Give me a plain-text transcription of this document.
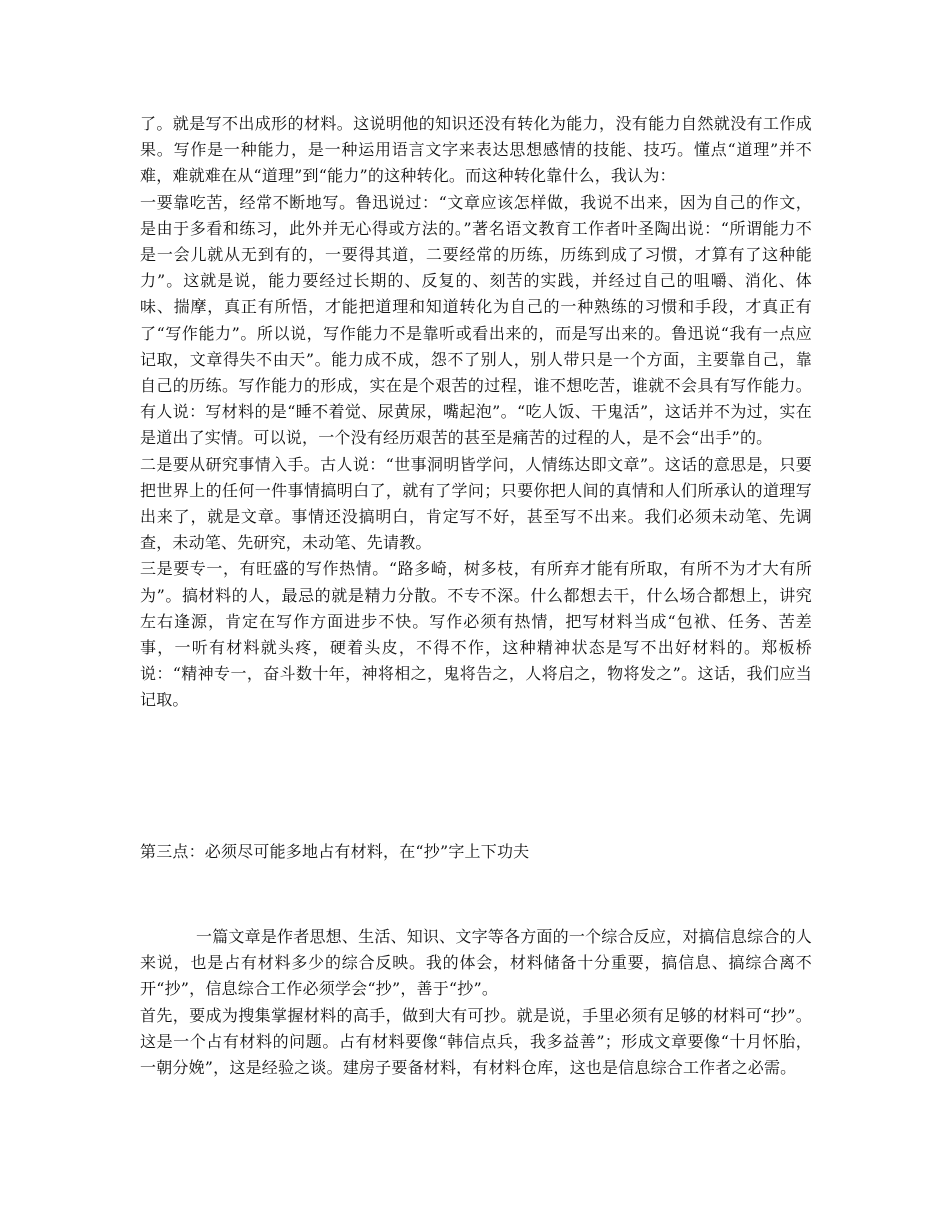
了。就是写不出成形的材料。这说明他的知识还没有转化为能力，没有能力自然就没有工作成果。写作是一种能力，是一种运用语言文字来表达思想感情的技能、技巧。懂点“道理”并不难，难就难在从“道理”到“能力”的这种转化。而这种转化靠什么，我认为：

一要靠吃苦，经常不断地写。鲁迅说过：“文章应该怎样做，我说不出来，因为自己的作文，是由于多看和练习，此外并无心得或方法的。”著名语文教育工作者叶圣陶出说：“所谓能力不是一会儿就从无到有的，一要得其道，二要经常的历练，历练到成了习惯，才算有了这种能力”。这就是说，能力要经过长期的、反复的、刻苦的实践，并经过自己的咀嚼、消化、体味、揣摩，真正有所悟，才能把道理和知道转化为自己的一种熟练的习惯和手段，才真正有了“写作能力”。所以说，写作能力不是靠听或看出来的，而是写出来的。鲁迅说“我有一点应记取，文章得失不由天”。能力成不成，怨不了别人，别人带只是一个方面，主要靠自己，靠自己的历练。写作能力的形成，实在是个艰苦的过程，谁不想吃苦，谁就不会具有写作能力。有人说：写材料的是“睡不着觉、尿黄尿，嘴起泡”。“吃人饭、干鬼活”，这话并不为过，实在是道出了实情。可以说，一个没有经历艰苦的甚至是痛苦的过程的人，是不会“出手”的。

二是要从研究事情入手。古人说：“世事洞明皆学问，人情练达即文章”。这话的意思是，只要把世界上的任何一件事情搞明白了，就有了学问；只要你把人间的真情和人们所承认的道理写出来了，就是文章。事情还没搞明白，肯定写不好，甚至写不出来。我们必须未动笔、先调查，未动笔、先研究，未动笔、先请教。

三是要专一，有旺盛的写作热情。“路多崎，树多枝，有所弃才能有所取，有所不为才大有所为”。搞材料的人，最忌的就是精力分散。不专不深。什么都想去干，什么场合都想上，讲究左右逢源，肯定在写作方面进步不快。写作必须有热情，把写材料当成“包袱、任务、苦差事，一听有材料就头疼，硬着头皮，不得不作，这种精神状态是写不出好材料的。郑板桥说：“精神专一，奋斗数十年，神将相之，鬼将告之，人将启之，物将发之”。这话，我们应当记取。

第三点：必须尽可能多地占有材料，在“抄”字上下功夫

一篇文章是作者思想、生活、知识、文字等各方面的一个综合反应，对搞信息综合的人来说，也是占有材料多少的综合反映。我的体会，材料储备十分重要，搞信息、搞综合离不开“抄”，信息综合工作必须学会“抄”，善于“抄”。

首先，要成为搜集掌握材料的高手，做到大有可抄。就是说，手里必须有足够的材料可“抄”。这是一个占有材料的问题。占有材料要像“韩信点兵，我多益善”；形成文章要像“十月怀胎，一朝分娩”，这是经验之谈。建房子要备材料，有材料仓库，这也是信息综合工作者之必需。
